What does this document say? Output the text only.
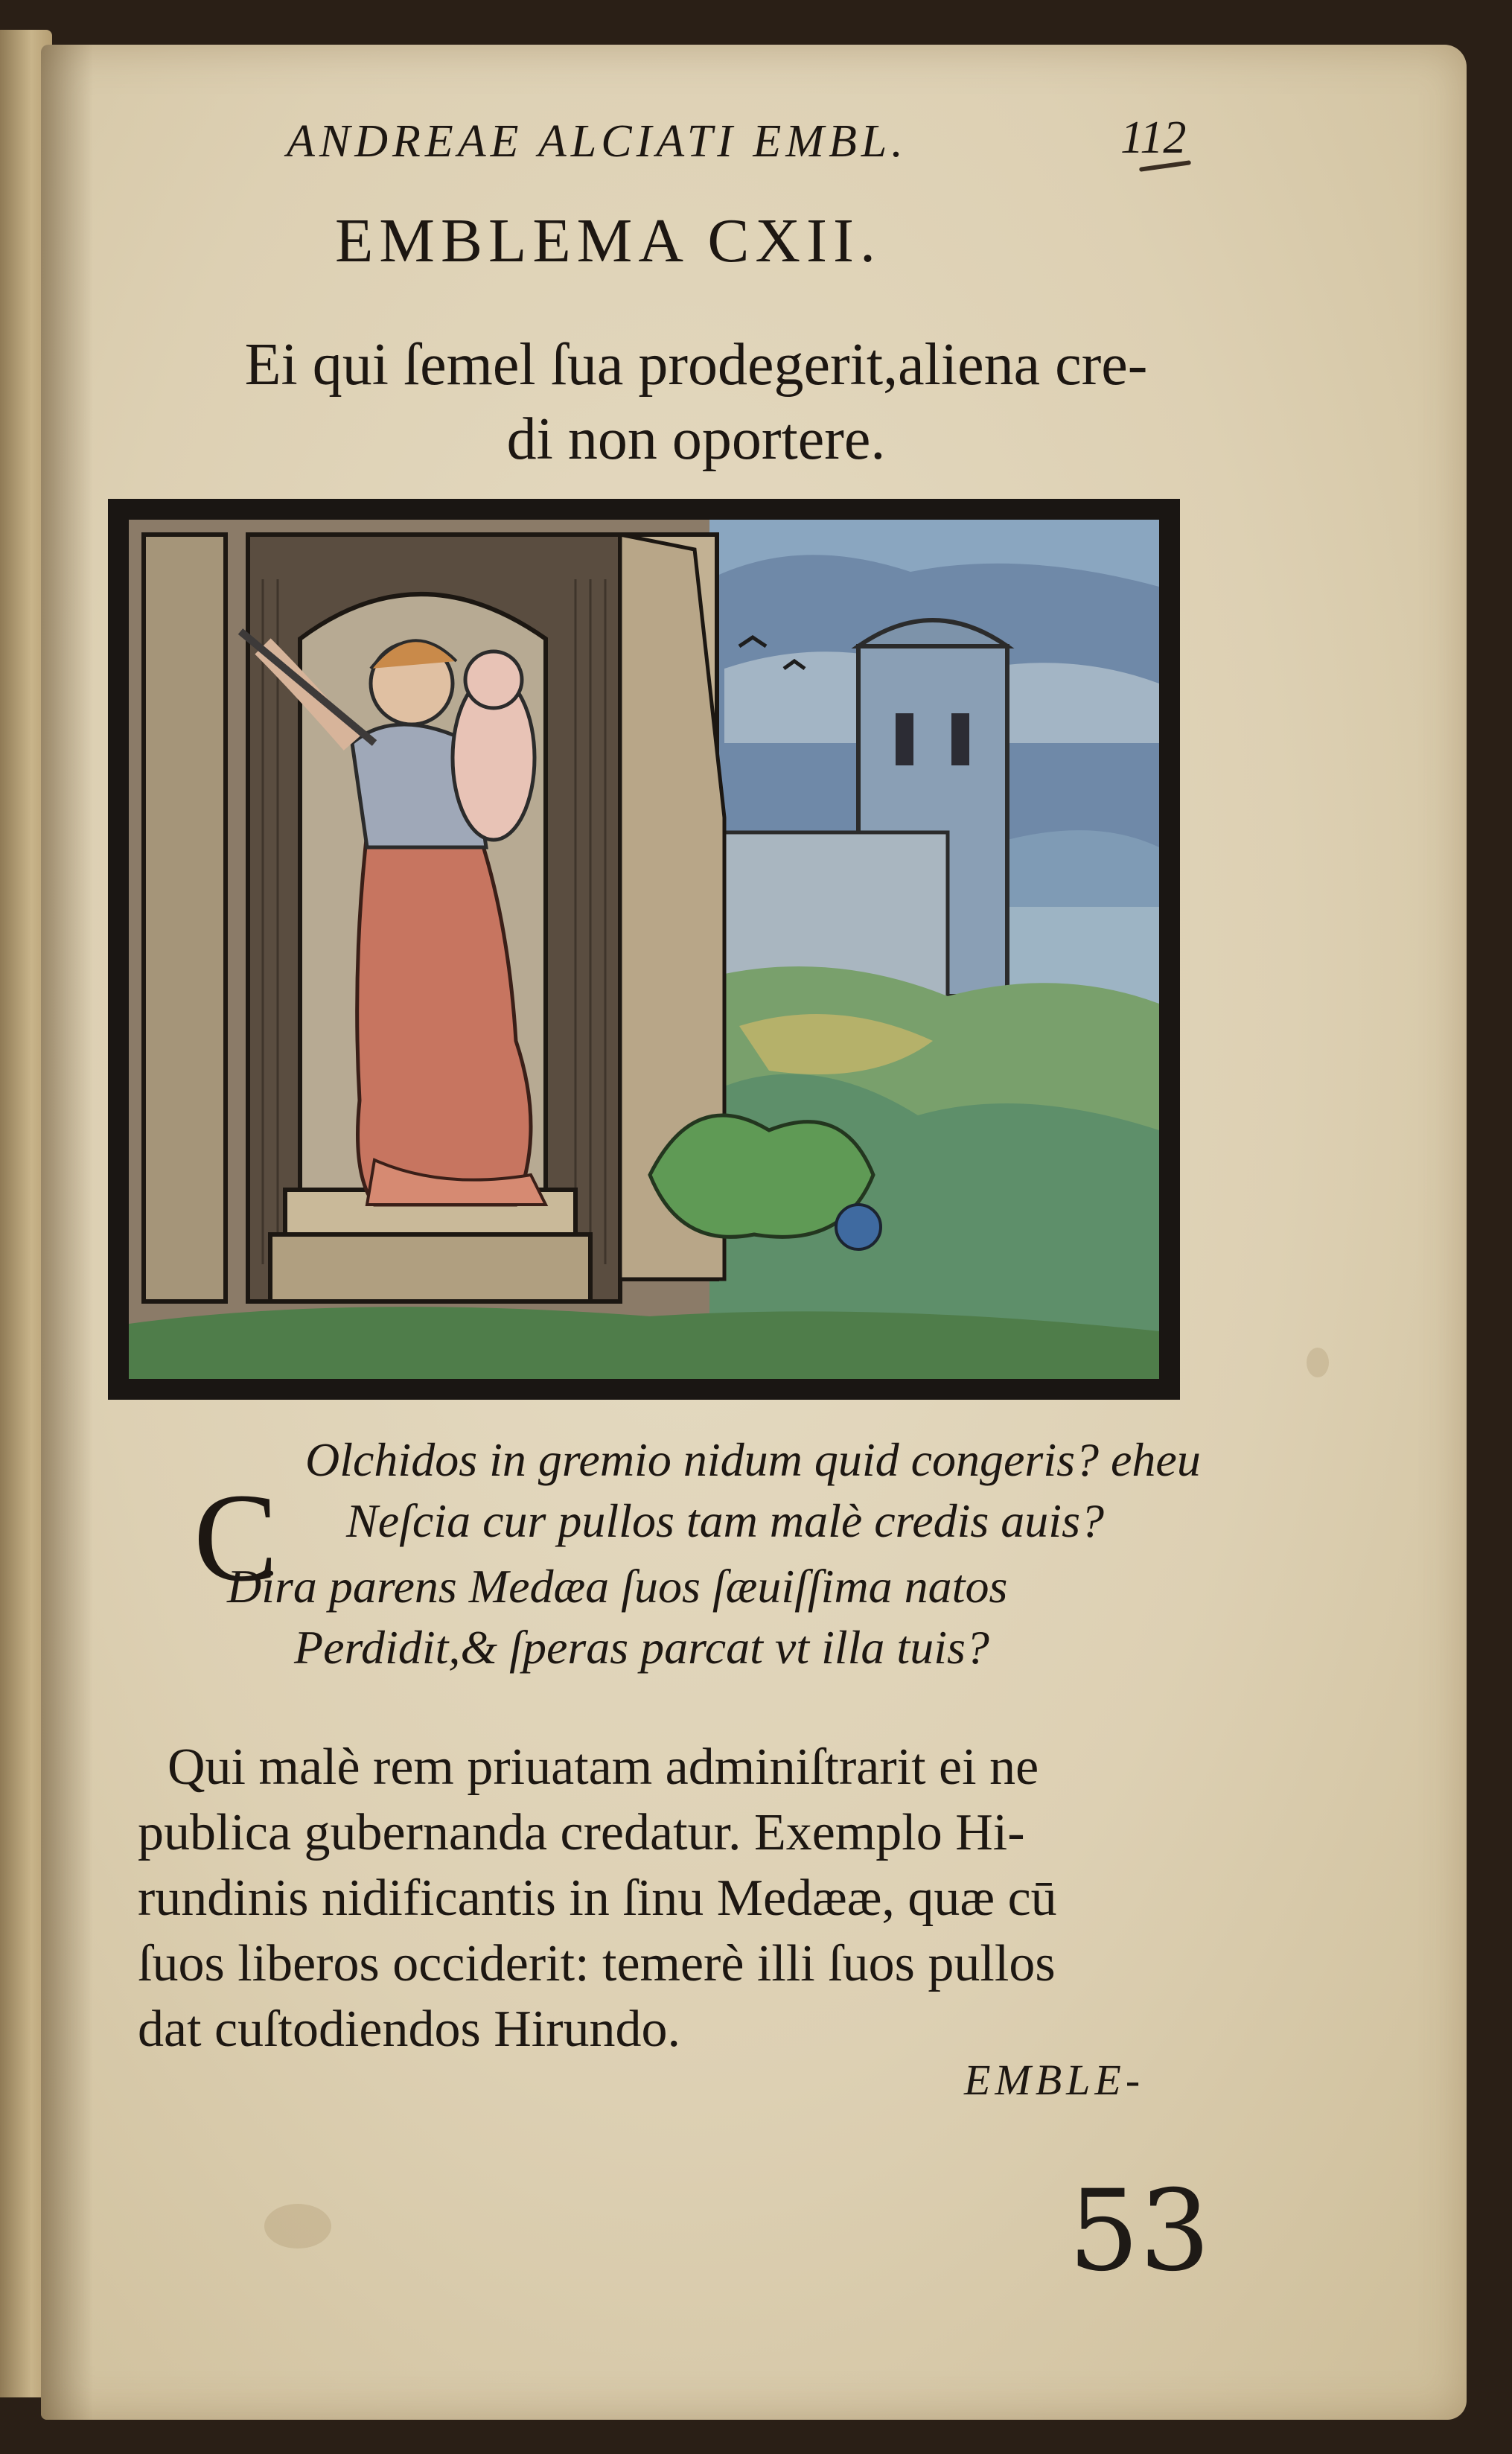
ANDREAE ALCIATI EMBL.	112
EMBLEMA CXII.
Ei qui ſemel ſua prodegerit,aliena cre-
di non oportere.
C
Olchidos in gremio nidum quid congeris? eheu
Neſcia cur pullos tam malè credis auis?
Dira parens Medæa ſuos ſæuiſſima natos
Perdidit,& ſperas parcat vt illa tuis?
Qui malè rem priuatam adminiſtrarit ei ne
publica gubernanda credatur. Exemplo Hi-
rundinis nidificantis in ſinu Medææ, quæ cū
ſuos liberos occiderit: temerè illi ſuos pullos
dat cuſtodiendos Hirundo.
EMBLE-
53
